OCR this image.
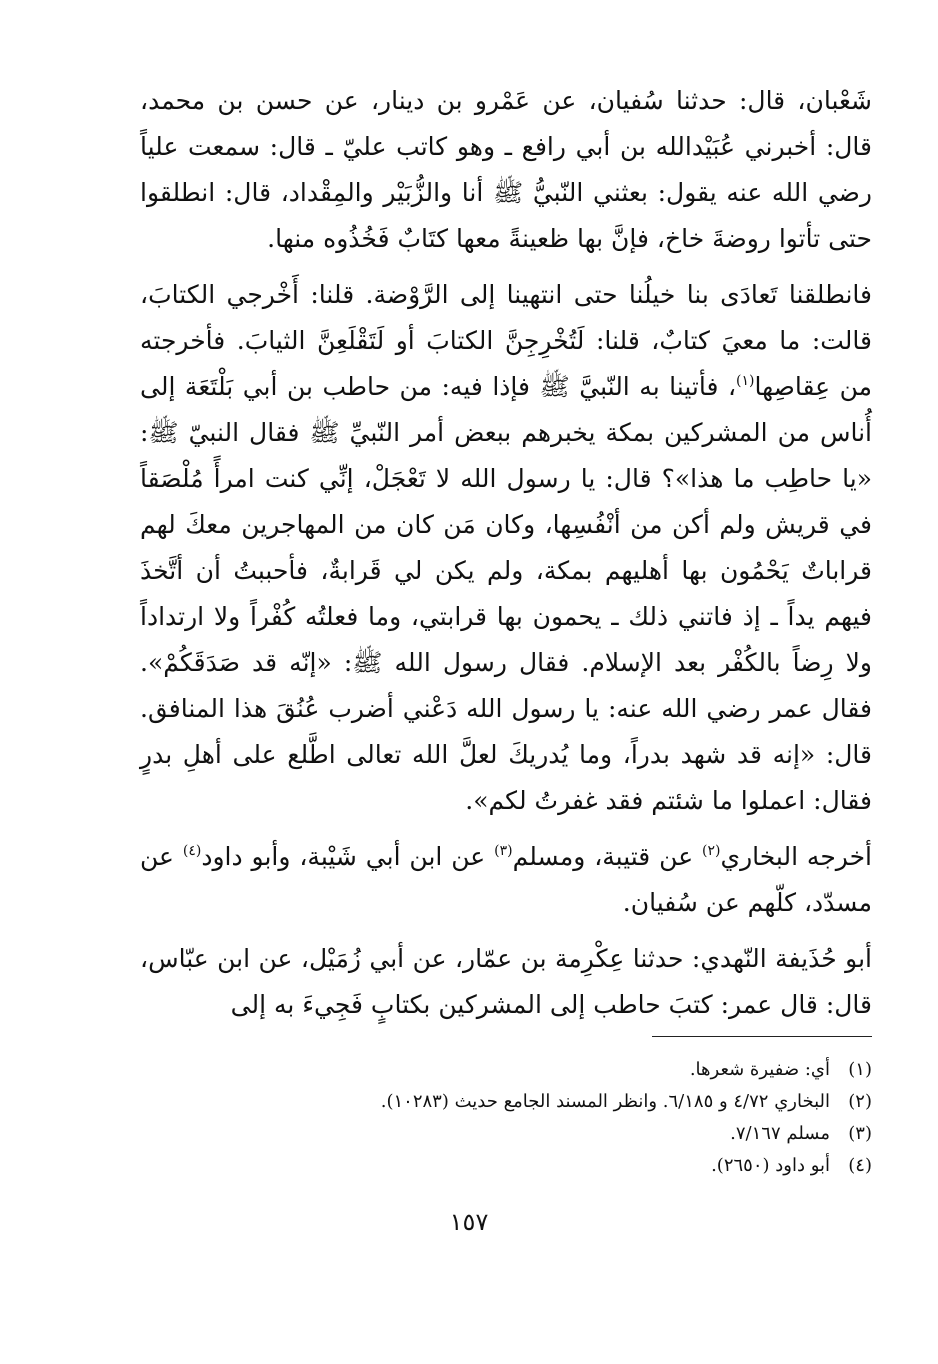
شَعْبان، قال: حدثنا سُفيان، عن عَمْرو بن دينار، عن حسن بن محمد، قال: أخبرني عُبَيْدالله بن أبي رافع ـ وهو كاتب عليّ ـ قال: سمعت علياً رضي الله عنه يقول: بعثني النّبيُّ ﷺ أنا والزُّبَيْر والمِقْداد، قال: انطلقوا حتى تأتوا روضةَ خاخ، فإنَّ بها ظعينةً معها كتَابٌ فَخُذُوه منها.

فانطلقنا تَعادَى بنا خيلُنا حتى انتهينا إلى الرَّوْضة. قلنا: أَخْرجي الكتابَ، قالت: ما معيَ كتابٌ، قلنا: لَتُخْرِجِنَّ الكتابَ أو لَتَقْلَعِنَّ الثيابَ. فأخرجته من عِقاصِها$^{(١)}$، فأتينا به النّبيَّ ﷺ فإذا فيه: من حاطب بن أبي بَلْتَعَة إلى أُناس من المشركين بمكة يخبرهم ببعض أمر النّبيِّ ﷺ فقال النبيّ ﷺ: «يا حاطِب ما هذا»؟ قال: يا رسول الله لا تَعْجَلْ، إنِّي كنت امرأً مُلْصَقاً في قريش ولم أكن من أنْفُسِها، وكان مَن كان من المهاجرين معكَ لهم قراباتٌ يَحْمُون بها أهليهم بمكة، ولم يكن لي قَرابةٌ، فأحببتُ أن أتَّخذَ فيهم يداً ـ إذ فاتني ذلك ـ يحمون بها قرابتي، وما فعلتُه كُفْراً ولا ارتداداً ولا رِضاً بالكُفْر بعد الإسلام. فقال رسول الله ﷺ: «إنّه قد صَدَقَكُمْ». فقال عمر رضي الله عنه: يا رسول الله دَعْني أضرب عُنُقَ هذا المنافق. قال: «إنه قد شهد بدراً، وما يُدريكَ لعلَّ الله تعالى اطَّلع على أهلِ بدرٍ فقال: اعملوا ما شئتم فقد غفرتُ لكم».

أخرجه البخاري$^{(٢)}$ عن قتيبة، ومسلم$^{(٣)}$ عن ابن أبي شَيْبة، وأبو داود$^{(٤)}$ عن مسدّد، كلّهم عن سُفيان.

أبو حُذَيفة النّهدي: حدثنا عِكْرِمة بن عمّار، عن أبي زُمَيْل، عن ابن عبّاس، قال: قال عمر: كتبَ حاطب إلى المشركين بكتابٍ فَجِيءَ به إلى

(١)أي: ضفيرة شعرها.
(٢)البخاري ٤/٧٢ و ٦/١٨٥. وانظر المسند الجامع حديث (١٠٢٨٣).
(٣)مسلم ٧/١٦٧.
(٤)أبو داود (٢٦٥٠).
١٥٧
